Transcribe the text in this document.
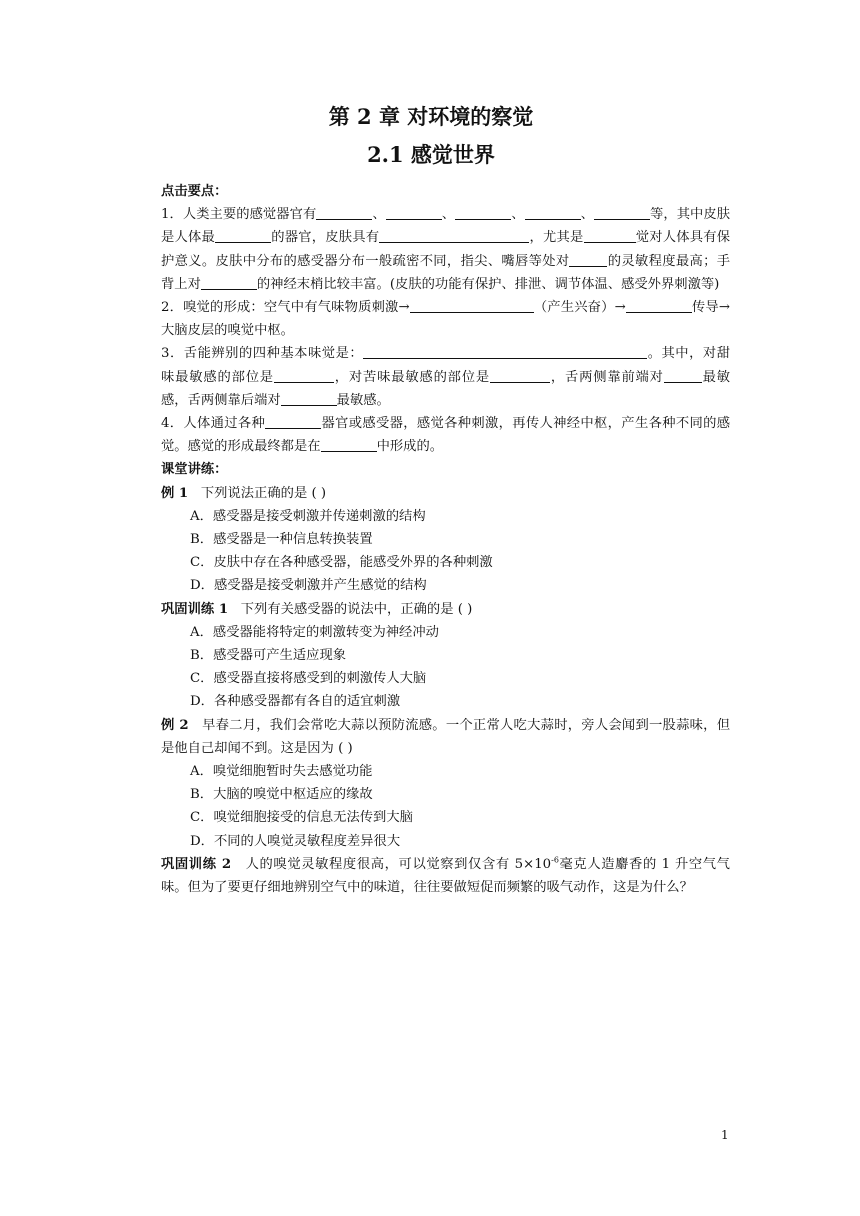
第 2 章 对环境的察觉

2.1 感觉世界

点击要点：

1．人类主要的感觉器官有	、	、	、	、	等，其中皮肤是人体最	的器官，皮肤具有	，尤其是	觉对人体具有保护意义。皮肤中分布的感受器分布一般疏密不同，指尖、嘴唇等处对	的灵敏程度最高；手背上对	的神经末梢比较丰富。(皮肤的功能有保护、排泄、调节体温、感受外界刺激等)

2．嗅觉的形成：空气中有气味物质刺激→	（产生兴奋）→	传导→大脑皮层的嗅觉中枢。

3．舌能辨别的四种基本味觉是：	。其中，对甜味最敏感的部位是	，对苦味最敏感的部位是	，舌两侧靠前端对	最敏感，舌两侧靠后端对	最敏感。

4．人体通过各种	器官或感受器，感觉各种刺激，再传人神经中枢，产生各种不同的感觉。感觉的形成最终都是在	中形成的。

课堂讲练：

例 1 下列说法正确的是 ( )

A．感受器是接受刺激并传递刺激的结构

B．感受器是一种信息转换装置

C．皮肤中存在各种感受器，能感受外界的各种刺激

D．感受器是接受刺激并产生感觉的结构

巩固训练 1 下列有关感受器的说法中，正确的是 ( )

A．感受器能将特定的刺激转变为神经冲动

B．感受器可产生适应现象

C．感受器直接将感受到的刺激传人大脑

D．各种感受器都有各自的适宜刺激

例 2 早春二月，我们会常吃大蒜以预防流感。一个正常人吃大蒜时，旁人会闻到一股蒜味，但是他自己却闻不到。这是因为 ( )

A．嗅觉细胞暂时失去感觉功能

B．大脑的嗅觉中枢适应的缘故

C．嗅觉细胞接受的信息无法传到大脑

D．不同的人嗅觉灵敏程度差异很大

巩固训练 2 人的嗅觉灵敏程度很高，可以觉察到仅含有 $5\times 10^{-6}$毫克人造麝香的 1 升空气气味。但为了要更仔细地辨别空气中的味道，往往要做短促而频繁的吸气动作，这是为什么？

1
